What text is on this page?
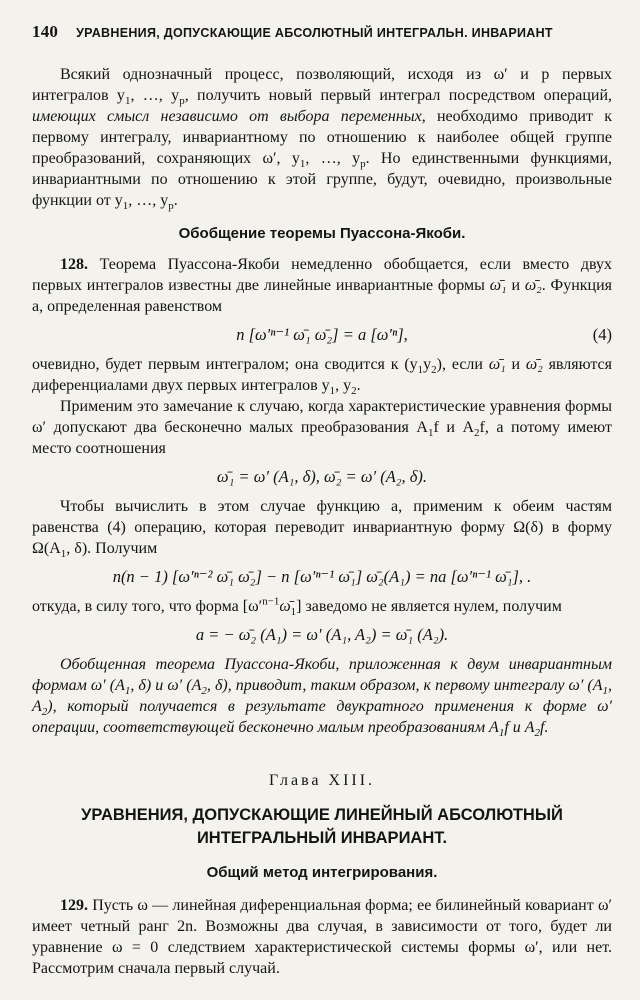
140 УРАВНЕНИЯ, ДОПУСКАЮЩИЕ АБСОЛЮТНЫЙ ИНТЕГРАЛЬН. ИНВАРИАНТ

Всякий однозначный процесс, позволяющий, исходя из ω′ и p первых интегралов $y_1$, …, $y_p$, получить новый первый интеграл посредством операций, имеющих смысл независимо от выбора переменных, необходимо приводит к первому интегралу, инвариантному по отношению к наиболее общей группе преобразований, сохраняющих ω′, $y_1$, …, $y_p$. Но единственными функциями, инвариантными по отношению к этой группе, будут, очевидно, произвольные функции от $y_1$, …, $y_p$.

Обобщение теоремы Пуассона-Якоби.

128. Теорема Пуассона-Якоби немедленно обобщается, если вместо двух первых интегралов известны две линейные инвариантные формы ω̄₁ и ω̄₂. Функция a, определенная равенством

n [ω′ⁿ⁻¹ ω̄₁ ω̄₂] = a [ω′ⁿ],	(4)

очевидно, будет первым интегралом; она сводится к $(y_1y_2)$, если ω̄₁ и ω̄₂ являются диференциалами двух первых интегралов $y_1$, $y_2$.

Применим это замечание к случаю, когда характеристические уравнения формы ω′ допускают два бесконечно малых преобразования $A_1f$ и $A_2f$, а потому имеют место соотношения

ω̄₁ = ω′ (A₁, δ), ω̄₂ = ω′ (A₂, δ).

Чтобы вычислить в этом случае функцию a, применим к обеим частям равенства (4) операцию, которая переводит инвариантную форму Ω(δ) в форму $\Omega(A_1$, δ). Получим

n(n − 1) [ω′ⁿ⁻² ω̄₁ ω̄₂] − n [ω′ⁿ⁻¹ ω̄₁] ω̄₂(A₁) = na [ω′ⁿ⁻¹ ω̄₁], .

откуда, в силу того, что форма $[\omega'^{n-1}\omegā_1]$ заведомо не является нулем, получим

a = − ω̄₂ (A₁) = ω′ (A₁, A₂) = ω̄₁ (A₂).

Обобщенная теорема Пуассона-Якоби, приложенная к двум инвариантным формам ω′ ($A_1$, δ) и ω′ ($A_2$, δ), приводит, таким образом, к первому интегралу ω′ ($A_1$, $A_2$), который получается в результате двукратного применения к форме ω′ операции, соответствующей бесконечно малым преобразованиям $A_1f$ и $A_2f$.

Глава XIII.
УРАВНЕНИЯ, ДОПУСКАЮЩИЕ ЛИНЕЙНЫЙ АБСОЛЮТНЫЙ
ИНТЕГРАЛЬНЫЙ ИНВАРИАНТ.
Общий метод интегрирования.

129. Пусть ω — линейная диференциальная форма; ее билинейный ковариант ω′ имеет четный ранг 2n. Возможны два случая, в зависимости от того, будет ли уравнение ω = 0 следствием характеристической системы формы ω′, или нет. Рассмотрим сначала первый случай.
